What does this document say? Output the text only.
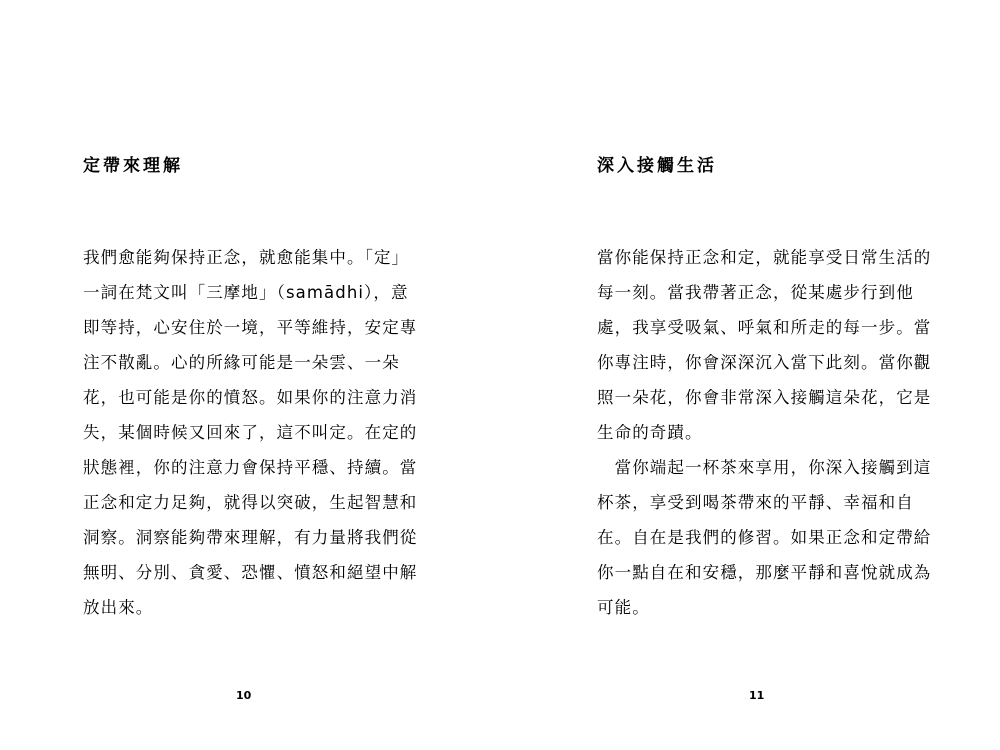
定帶來理解
我們愈能夠保持正念，就愈能集中。「定」
一詞在梵文叫「三摩地」（samādhi），意
即等持，心安住於一境，平等維持，安定專
注不散亂。心的所緣可能是一朵雲、一朵
花，也可能是你的憤怒。如果你的注意力消
失，某個時候又回來了，這不叫定。在定的
狀態裡，你的注意力會保持平穩、持續。當
正念和定力足夠，就得以突破，生起智慧和
洞察。洞察能夠帶來理解，有力量將我們從
無明、分別、貪愛、恐懼、憤怒和絕望中解
放出來。
10
深入接觸生活
當你能保持正念和定，就能享受日常生活的
每一刻。當我帶著正念，從某處步行到他
處，我享受吸氣、呼氣和所走的每一步。當
你專注時，你會深深沉入當下此刻。當你觀
照一朵花，你會非常深入接觸這朵花，它是
生命的奇蹟。
　當你端起一杯茶來享用，你深入接觸到這
杯茶，享受到喝茶帶來的平靜、幸福和自
在。自在是我們的修習。如果正念和定帶給
你一點自在和安穩，那麼平靜和喜悅就成為
可能。
11
